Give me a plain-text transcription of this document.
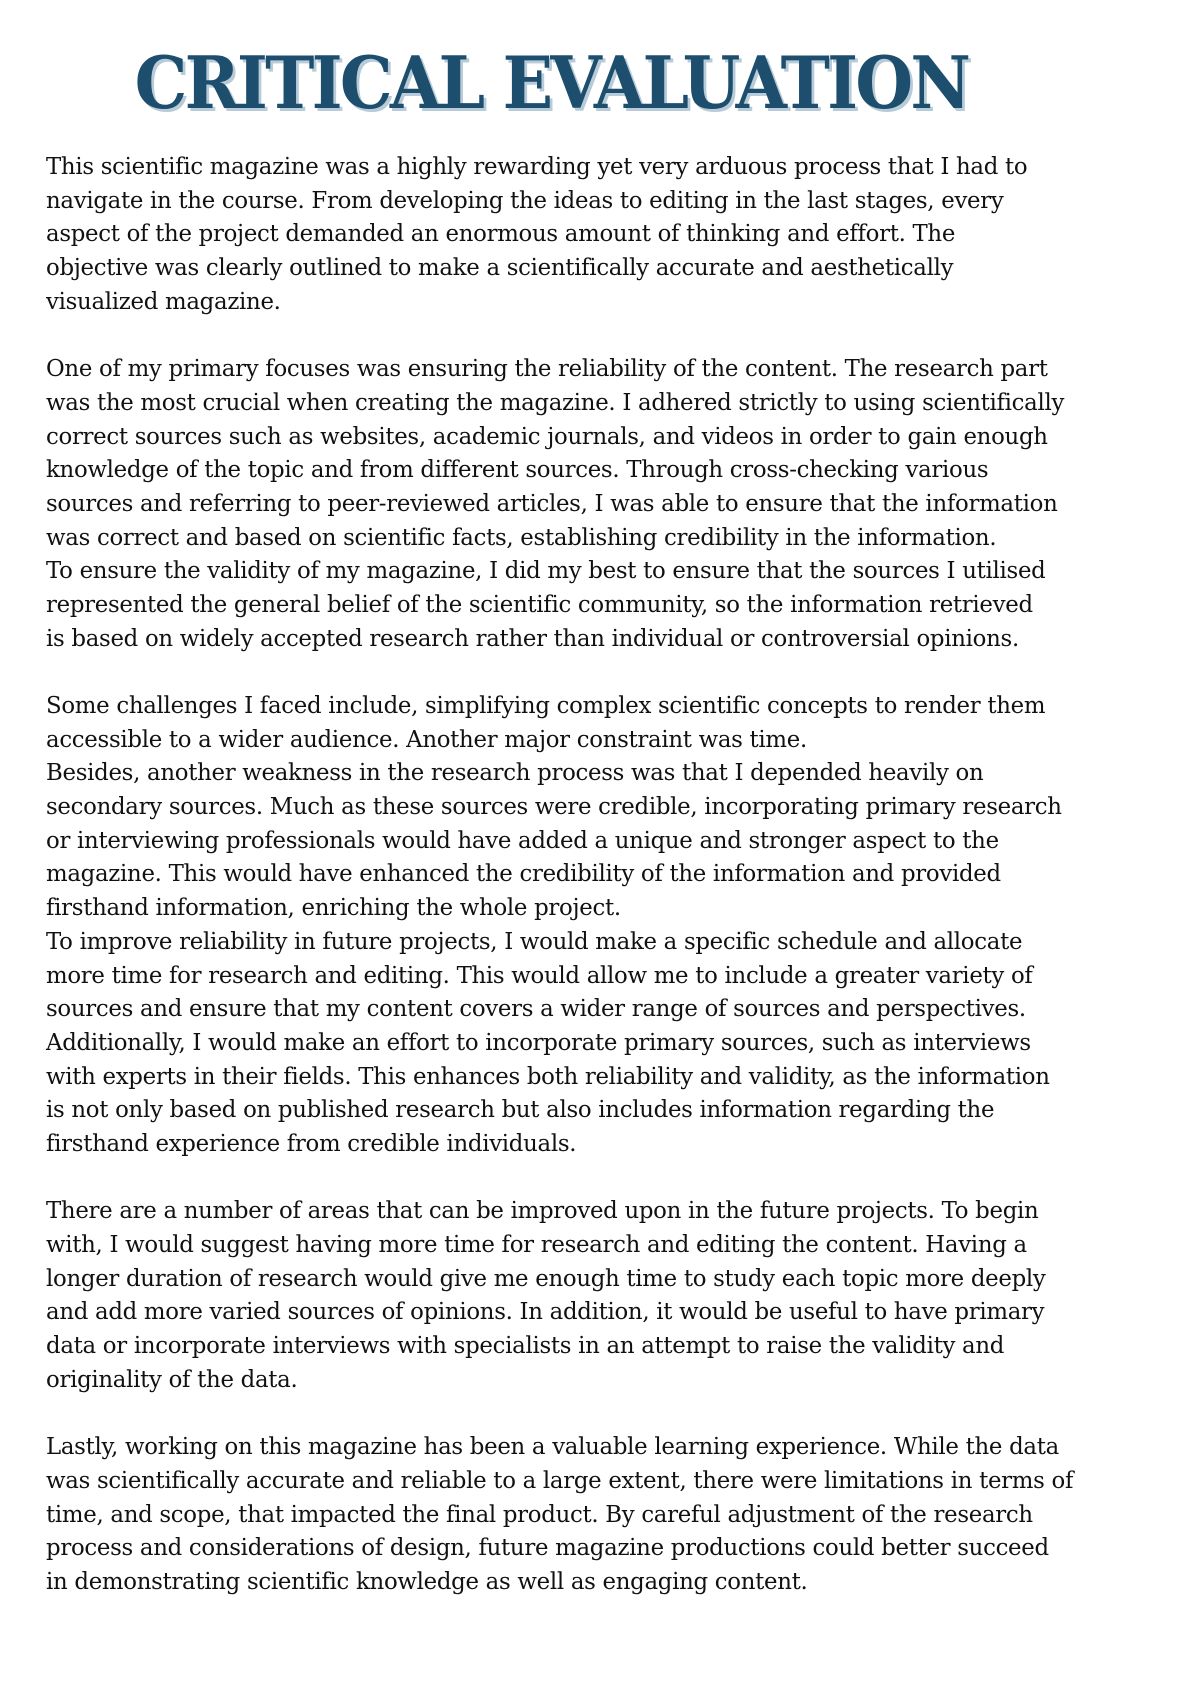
CRITICAL EVALUATION
This scientific magazine was a highly rewarding yet very arduous process that I had to
navigate in the course. From developing the ideas to editing in the last stages, every
aspect of the project demanded an enormous amount of thinking and effort. The
objective was clearly outlined to make a scientifically accurate and aesthetically
visualized magazine.
One of my primary focuses was ensuring the reliability of the content. The research part
was the most crucial when creating the magazine. I adhered strictly to using scientifically
correct sources such as websites, academic journals, and videos in order to gain enough
knowledge of the topic and from different sources. Through cross-checking various
sources and referring to peer-reviewed articles, I was able to ensure that the information
was correct and based on scientific facts, establishing credibility in the information.
To ensure the validity of my magazine, I did my best to ensure that the sources I utilised
represented the general belief of the scientific community, so the information retrieved
is based on widely accepted research rather than individual or controversial opinions.
Some challenges I faced include, simplifying complex scientific concepts to render them
accessible to a wider audience. Another major constraint was time.
Besides, another weakness in the research process was that I depended heavily on
secondary sources. Much as these sources were credible, incorporating primary research
or interviewing professionals would have added a unique and stronger aspect to the
magazine. This would have enhanced the credibility of the information and provided
firsthand information, enriching the whole project.
To improve reliability in future projects, I would make a specific schedule and allocate
more time for research and editing. This would allow me to include a greater variety of
sources and ensure that my content covers a wider range of sources and perspectives.
Additionally, I would make an effort to incorporate primary sources, such as interviews
with experts in their fields. This enhances both reliability and validity, as the information
is not only based on published research but also includes information regarding the
firsthand experience from credible individuals.
There are a number of areas that can be improved upon in the future projects. To begin
with, I would suggest having more time for research and editing the content. Having a
longer duration of research would give me enough time to study each topic more deeply
and add more varied sources of opinions. In addition, it would be useful to have primary
data or incorporate interviews with specialists in an attempt to raise the validity and
originality of the data.
Lastly, working on this magazine has been a valuable learning experience. While the data
was scientifically accurate and reliable to a large extent, there were limitations in terms of
time, and scope, that impacted the final product. By careful adjustment of the research
process and considerations of design, future magazine productions could better succeed
in demonstrating scientific knowledge as well as engaging content.
